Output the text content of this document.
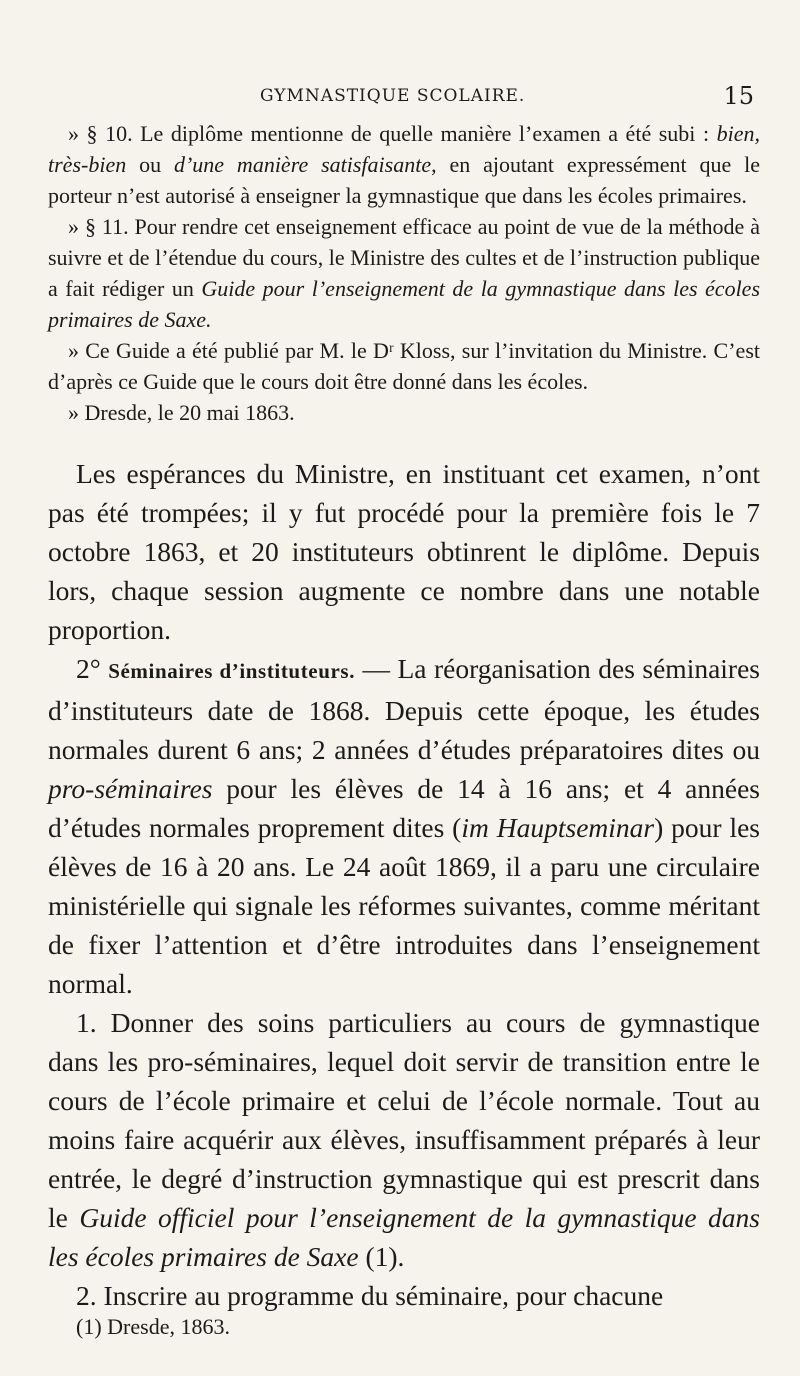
GYMNASTIQUE SCOLAIRE.	15

» § 10. Le diplôme mentionne de quelle manière l’examen a été subi : bien, très-bien ou d’une manière satisfaisante, en ajoutant expressément que le porteur n’est autorisé à enseigner la gymnastique que dans les écoles primaires.

» § 11. Pour rendre cet enseignement efficace au point de vue de la méthode à suivre et de l’étendue du cours, le Ministre des cultes et de l’instruction publique a fait rédiger un Guide pour l’enseignement de la gymnastique dans les écoles primaires de Saxe.

» Ce Guide a été publié par M. le Dʳ Kloss, sur l’invitation du Ministre. C’est d’après ce Guide que le cours doit être donné dans les écoles.

» Dresde, le 20 mai 1863.

Les espérances du Ministre, en instituant cet examen, n’ont pas été trompées; il y fut procédé pour la première fois le 7 octobre 1863, et 20 instituteurs obtinrent le diplôme. Depuis lors, chaque session augmente ce nombre dans une notable proportion.

2° Séminaires d’instituteurs. — La réorganisation des séminaires d’instituteurs date de 1868. Depuis cette époque, les études normales durent 6 ans; 2 années d’études préparatoires dites ou pro-séminaires pour les élèves de 14 à 16 ans; et 4 années d’études normales proprement dites (im Hauptseminar) pour les élèves de 16 à 20 ans. Le 24 août 1869, il a paru une circulaire ministérielle qui signale les réformes suivantes, comme méritant de fixer l’attention et d’être introduites dans l’enseignement normal.

1. Donner des soins particuliers au cours de gymnastique dans les pro-séminaires, lequel doit servir de transition entre le cours de l’école primaire et celui de l’école normale. Tout au moins faire acquérir aux élèves, insuffisamment préparés à leur entrée, le degré d’instruction gymnastique qui est prescrit dans le Guide officiel pour l’enseignement de la gymnastique dans les écoles primaires de Saxe (1).

2. Inscrire au programme du séminaire, pour chacune

(1) Dresde, 1863.
